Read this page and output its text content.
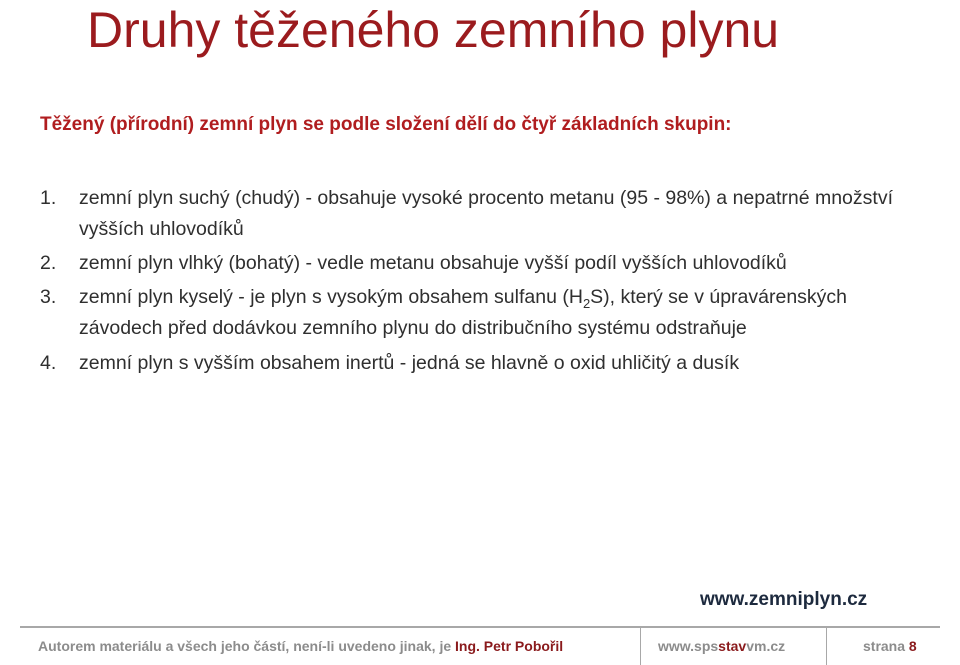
Druhy těženého zemního plynu

Těžený (přírodní) zemní plyn se podle složení dělí do čtyř základních skupin:

1.	zemní plyn suchý (chudý) - obsahuje vysoké procento metanu (95 - 98%) a nepatrné množství vyšších uhlovodíků
2.	zemní plyn vlhký (bohatý) - vedle metanu obsahuje vyšší podíl vyšších uhlovodíků
3.	zemní plyn kyselý - je plyn s vysokým obsahem sulfanu $(H_2S)$, který se v úpravárenských závodech před dodávkou zemního plynu do distribučního systému odstraňuje
4.	zemní plyn s vyšším obsahem inertů - jedná se hlavně o oxid uhličitý a dusík
www.zemniplyn.cz
Autorem materiálu a všech jeho částí, není-li uvedeno jinak, je Ing. Petr Pobořil	www.spsstavvm.cz	strana 8
